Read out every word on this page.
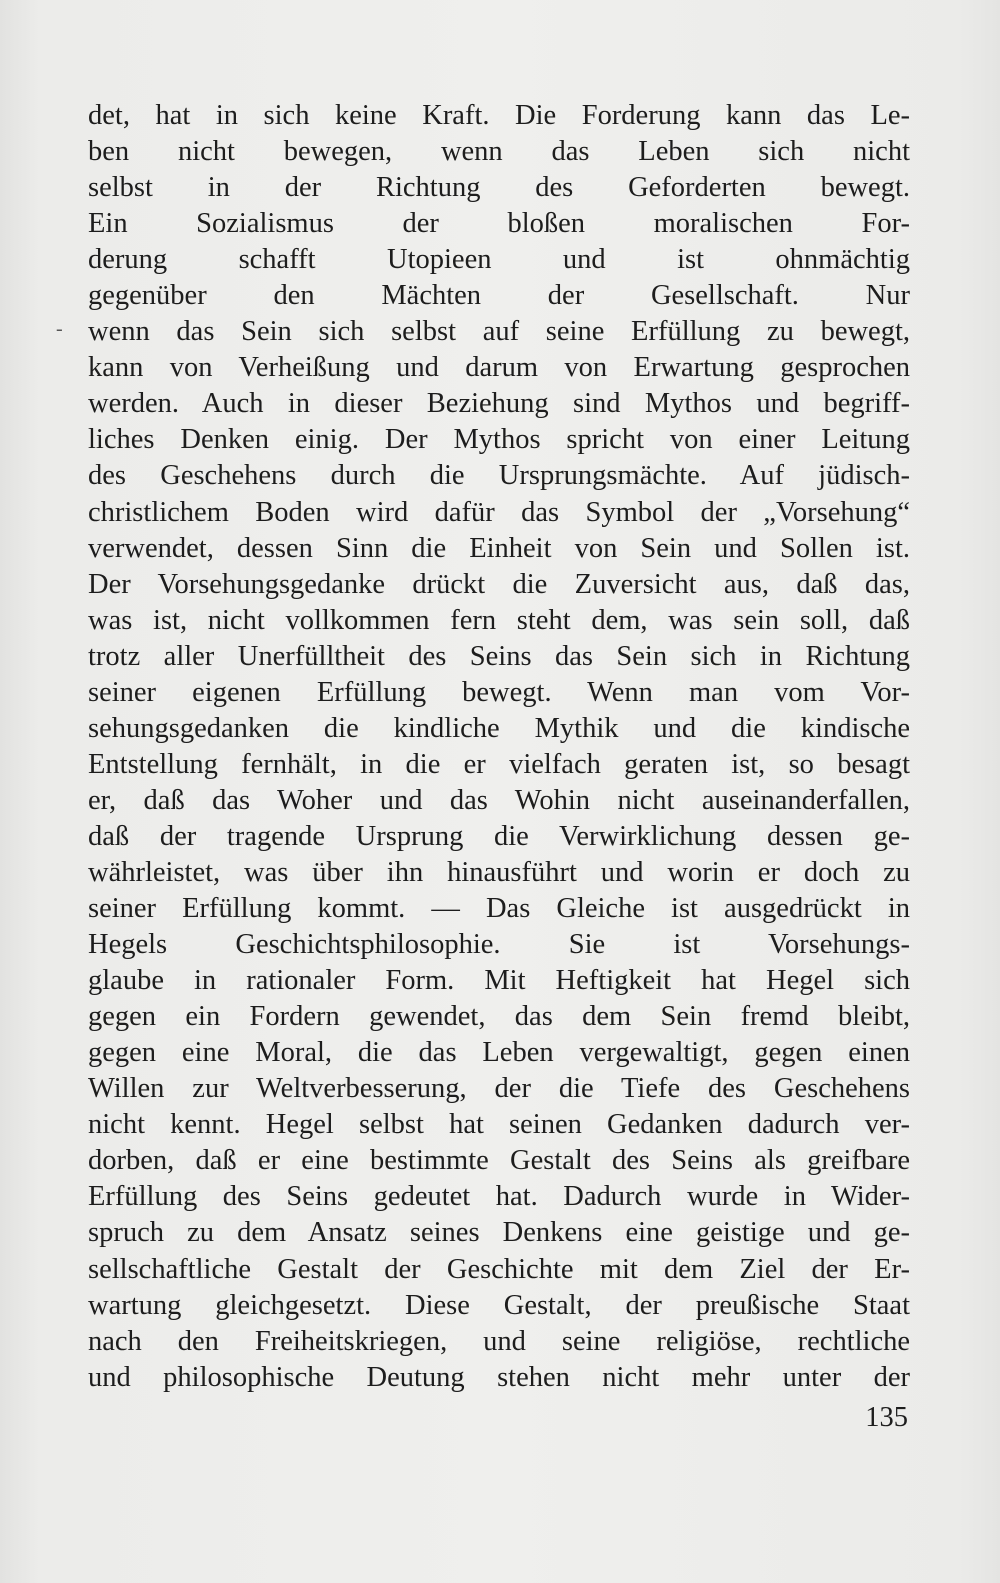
-
det, hat in sich keine Kraft. Die Forderung kann das Le-
ben nicht bewegen, wenn das Leben sich nicht
selbst in der Richtung des Geforderten bewegt.
Ein Sozialismus der bloßen moralischen For-
derung schafft Utopieen und ist ohnmächtig
gegenüber den Mächten der Gesellschaft. Nur
wenn das Sein sich selbst auf seine Erfüllung zu bewegt,
kann von Verheißung und darum von Erwartung gesprochen
werden. Auch in dieser Beziehung sind Mythos und begriff-
liches Denken einig. Der Mythos spricht von einer Leitung
des Geschehens durch die Ursprungsmächte. Auf jüdisch-
christlichem Boden wird dafür das Symbol der „Vorsehung“
verwendet, dessen Sinn die Einheit von Sein und Sollen ist.
Der Vorsehungsgedanke drückt die Zuversicht aus, daß das,
was ist, nicht vollkommen fern steht dem, was sein soll, daß
trotz aller Unerfülltheit des Seins das Sein sich in Richtung
seiner eigenen Erfüllung bewegt. Wenn man vom Vor-
sehungsgedanken die kindliche Mythik und die kindische
Entstellung fernhält, in die er vielfach geraten ist, so besagt
er, daß das Woher und das Wohin nicht auseinanderfallen,
daß der tragende Ursprung die Verwirklichung dessen ge-
währleistet, was über ihn hinausführt und worin er doch zu
seiner Erfüllung kommt. — Das Gleiche ist ausgedrückt in
Hegels Geschichtsphilosophie. Sie ist Vorsehungs-
glaube in rationaler Form. Mit Heftigkeit hat Hegel sich
gegen ein Fordern gewendet, das dem Sein fremd bleibt,
gegen eine Moral, die das Leben vergewaltigt, gegen einen
Willen zur Weltverbesserung, der die Tiefe des Geschehens
nicht kennt. Hegel selbst hat seinen Gedanken dadurch ver-
dorben, daß er eine bestimmte Gestalt des Seins als greifbare
Erfüllung des Seins gedeutet hat. Dadurch wurde in Wider-
spruch zu dem Ansatz seines Denkens eine geistige und ge-
sellschaftliche Gestalt der Geschichte mit dem Ziel der Er-
wartung gleichgesetzt. Diese Gestalt, der preußische Staat
nach den Freiheitskriegen, und seine religiöse, rechtliche
und philosophische Deutung stehen nicht mehr unter der
135
